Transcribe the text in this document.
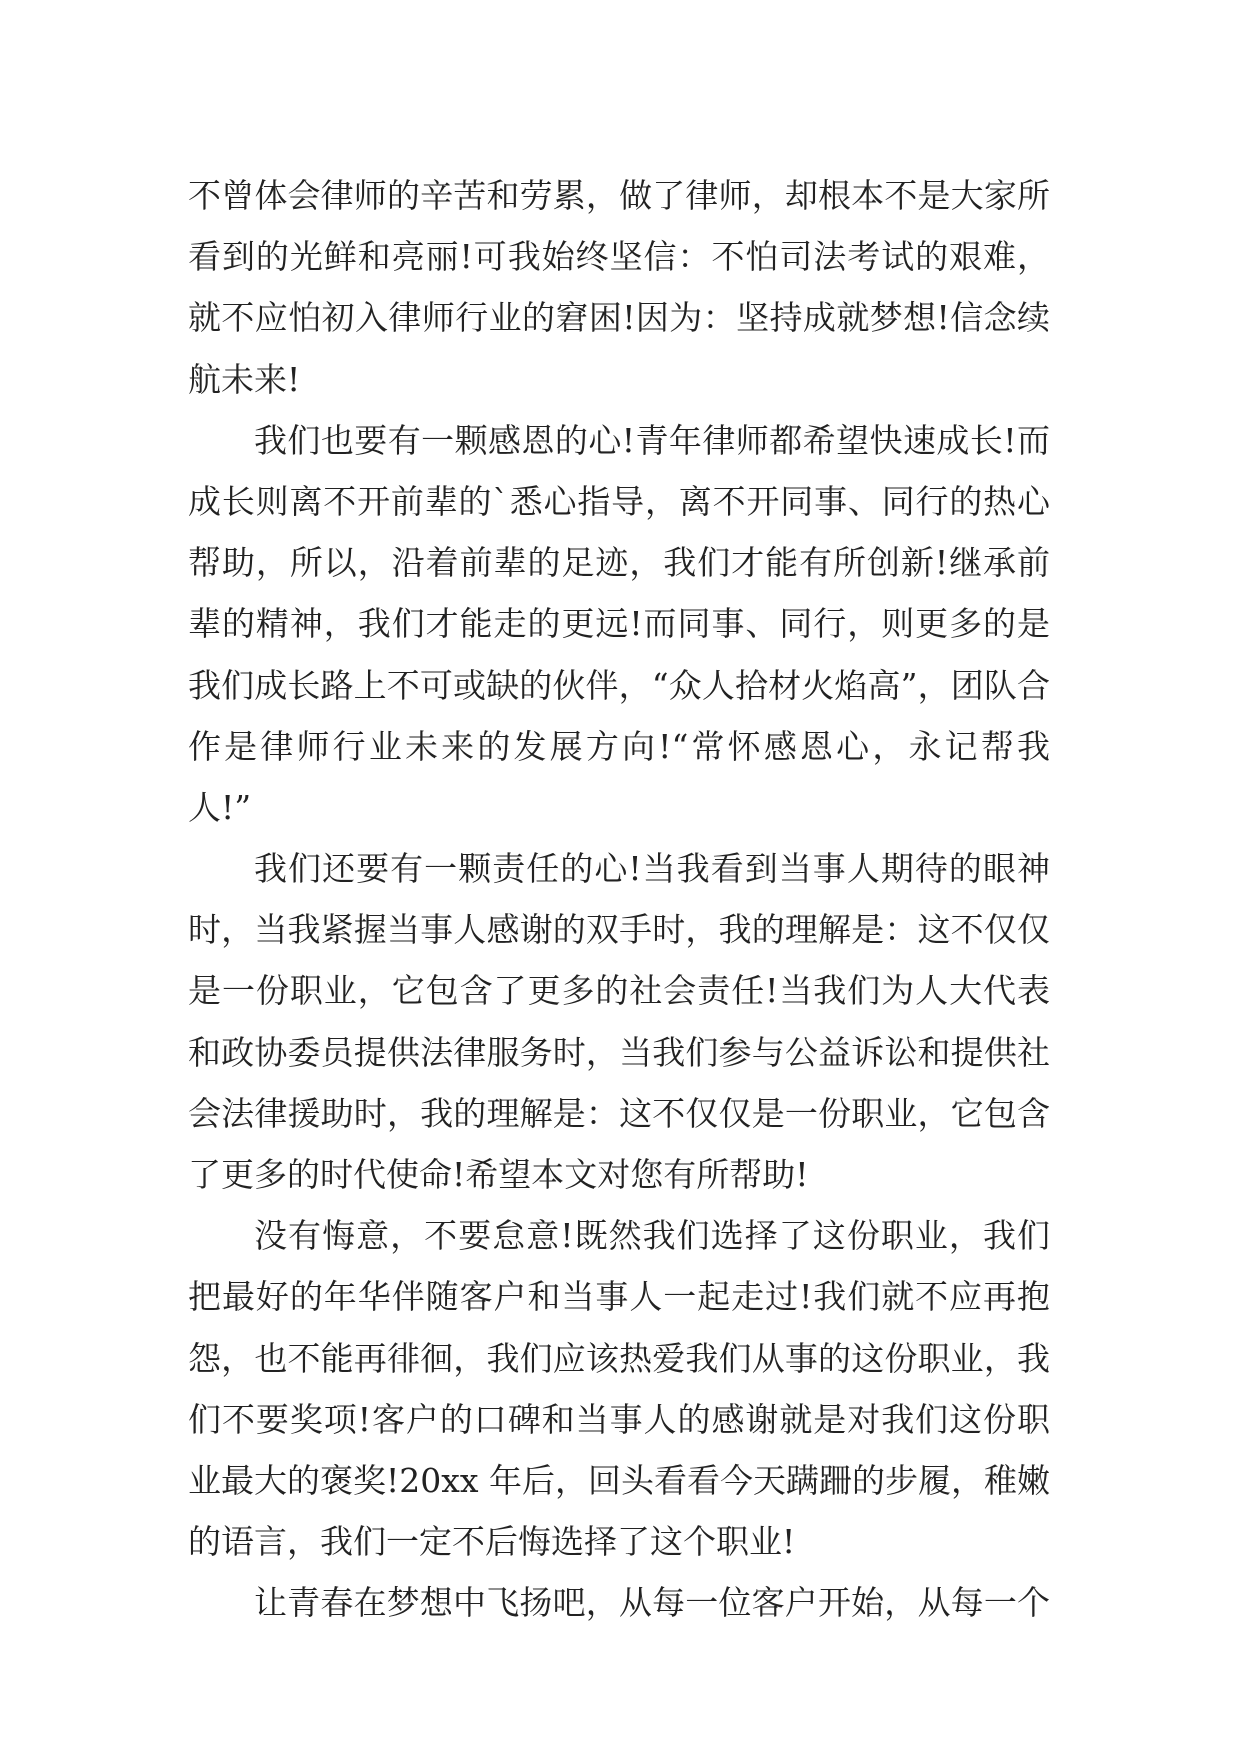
不曾体会律师的辛苦和劳累，做了律师，却根本不是大家所
看到的光鲜和亮丽!可我始终坚信：不怕司法考试的艰难，
就不应怕初入律师行业的窘困!因为：坚持成就梦想!信念续
航未来!
我们也要有一颗感恩的心!青年律师都希望快速成长!而
成长则离不开前辈的`悉心指导，离不开同事、同行的热心
帮助，所以，沿着前辈的足迹，我们才能有所创新!继承前
辈的精神，我们才能走的更远!而同事、同行，则更多的是
我们成长路上不可或缺的伙伴，“众人拾材火焰高”，团队合
作是律师行业未来的发展方向!“常怀感恩心，永记帮我
人!”
我们还要有一颗责任的心!当我看到当事人期待的眼神
时，当我紧握当事人感谢的双手时，我的理解是：这不仅仅
是一份职业，它包含了更多的社会责任!当我们为人大代表
和政协委员提供法律服务时，当我们参与公益诉讼和提供社
会法律援助时，我的理解是：这不仅仅是一份职业，它包含
了更多的时代使命!希望本文对您有所帮助!
没有悔意，不要怠意!既然我们选择了这份职业，我们
把最好的年华伴随客户和当事人一起走过!我们就不应再抱
怨，也不能再徘徊，我们应该热爱我们从事的这份职业，我
们不要奖项!客户的口碑和当事人的感谢就是对我们这份职
业最大的褒奖!20xx 年后，回头看看今天蹒跚的步履，稚嫩
的语言，我们一定不后悔选择了这个职业!
让青春在梦想中飞扬吧，从每一位客户开始，从每一个
